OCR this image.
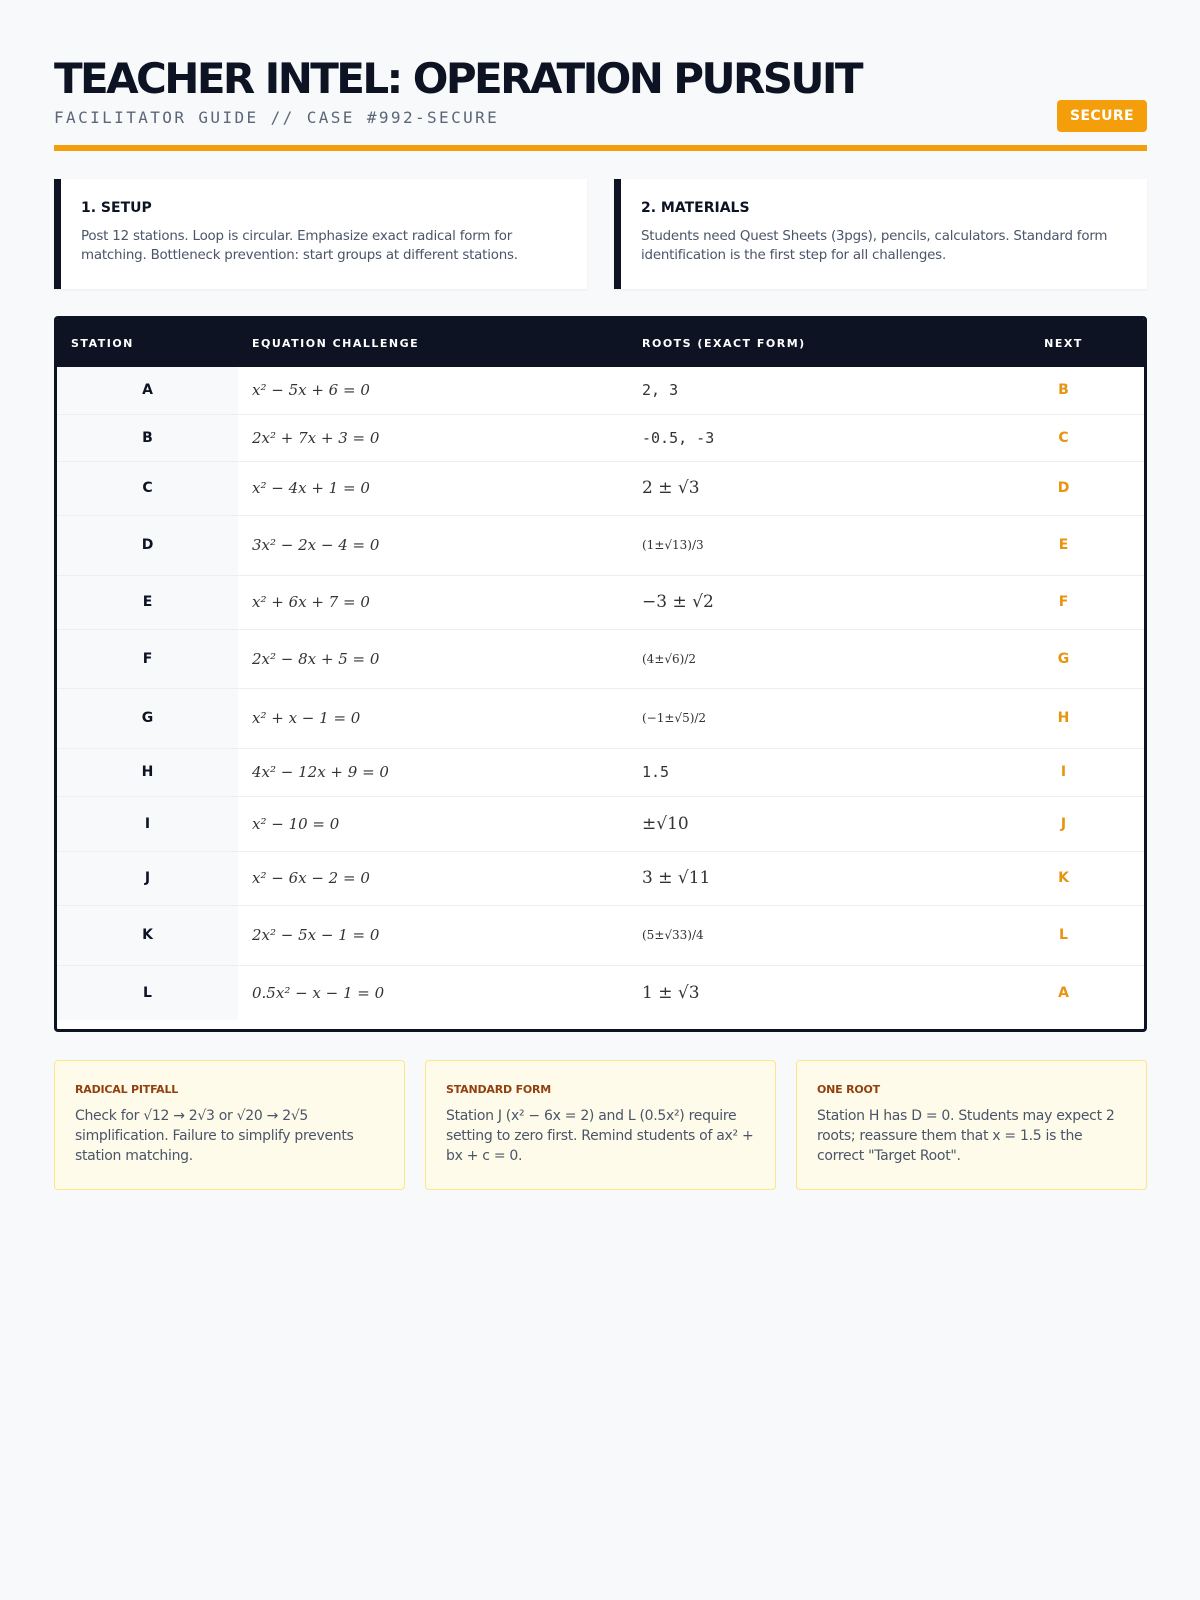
TEACHER INTEL: OPERATION PURSUIT
FACILITATOR GUIDE // CASE #992-SECURE	SECURE
1. SETUP

Post 12 stations. Loop is circular. Emphasize exact radical form for matching. Bottleneck prevention: start groups at different stations.

2. MATERIALS

Students need Quest Sheets (3pgs), pencils, calculators. Standard form identification is the first step for all challenges.

STATION	EQUATION CHALLENGE	ROOTS (EXACT FORM)	NEXT
A	x² − 5x + 6 = 0	2, 3	B
B	2x² + 7x + 3 = 0	-0.5, -3	C
C	x² − 4x + 1 = 0	2 ± √3	D
D	3x² − 2x − 4 = 0	(1±√13)/3	E
E	x² + 6x + 7 = 0	−3 ± √2	F
F	2x² − 8x + 5 = 0	(4±√6)/2	G
G	x² + x − 1 = 0	(−1±√5)/2	H
H	4x² − 12x + 9 = 0	1.5	I
I	x² − 10 = 0	±√10	J
J	x² − 6x − 2 = 0	3 ± √11	K
K	2x² − 5x − 1 = 0	(5±√33)/4	L
L	0.5x² − x − 1 = 0	1 ± √3	A
RADICAL PITFALL

Check for √12 → 2√3 or √20 → 2√5 simplification. Failure to simplify prevents station matching.

STANDARD FORM

Station J (x² − 6x = 2) and L (0.5x²) require setting to zero first. Remind students of ax² + bx + c = 0.

ONE ROOT

Station H has D = 0. Students may expect 2 roots; reassure them that x = 1.5 is the correct "Target Root".
